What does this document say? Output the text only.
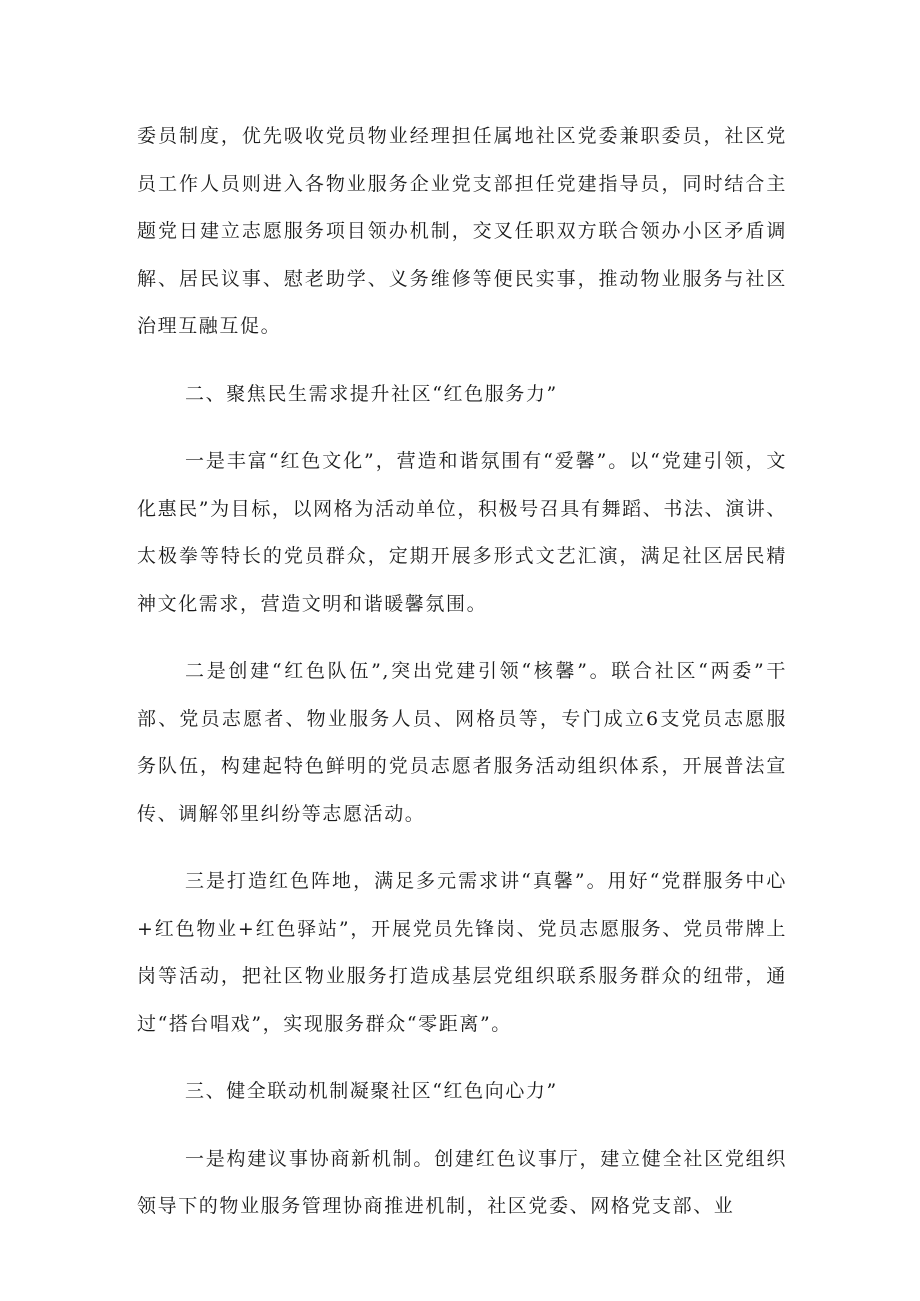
委员制度，优先吸收党员物业经理担任属地社区党委兼职委员，社区党员工作人员则进入各物业服务企业党支部担任党建指导员，同时结合主题党日建立志愿服务项目领办机制，交叉任职双方联合领办小区矛盾调解、居民议事、慰老助学、义务维修等便民实事，推动物业服务与社区治理互融互促。

二、聚焦民生需求提升社区“红色服务力”

一是丰富“红色文化”，营造和谐氛围有“爱馨”。以“党建引领，文化惠民”为目标，以网格为活动单位，积极号召具有舞蹈、书法、演讲、太极拳等特长的党员群众，定期开展多形式文艺汇演，满足社区居民精神文化需求，营造文明和谐暖馨氛围。

二是创建“红色队伍”,突出党建引领“核馨”。联合社区“两委”干部、党员志愿者、物业服务人员、网格员等，专门成立6支党员志愿服务队伍，构建起特色鲜明的党员志愿者服务活动组织体系，开展普法宣传、调解邻里纠纷等志愿活动。

三是打造红色阵地，满足多元需求讲“真馨”。用好“党群服务中心+红色物业+红色驿站”，开展党员先锋岗、党员志愿服务、党员带牌上岗等活动，把社区物业服务打造成基层党组织联系服务群众的纽带，通过“搭台唱戏”，实现服务群众“零距离”。

三、健全联动机制凝聚社区“红色向心力”

一是构建议事协商新机制。创建红色议事厅，建立健全社区党组织领导下的物业服务管理协商推进机制，社区党委、网格党支部、业
